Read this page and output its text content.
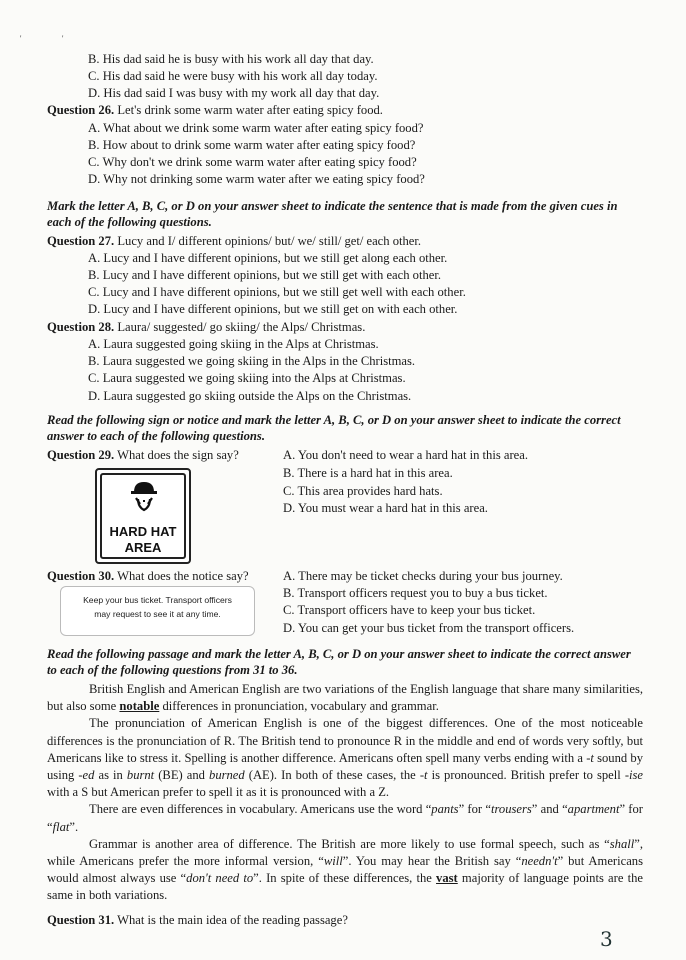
'	'
B. His dad said he is busy with his work all day that day.
C. His dad said he were busy with his work all day today.
D. His dad said I was busy with my work all day that day.
Question 26. Let's drink some warm water after eating spicy food.
A. What about we drink some warm water after eating spicy food?
B. How about to drink some warm water after eating spicy food?
C. Why don't we drink some warm water after eating spicy food?
D. Why not drinking some warm water after we eating spicy food?
Mark the letter A, B, C, or D on your answer sheet to indicate the sentence that is made from the given cues in each of the following questions.
Question 27. Lucy and I/ different opinions/ but/ we/ still/ get/ each other.
A. Lucy and I have different opinions, but we still get along each other.
B. Lucy and I have different opinions, but we still get with each other.
C. Lucy and I have different opinions, but we still get well with each other.
D. Lucy and I have different opinions, but we still get on with each other.
Question 28. Laura/ suggested/ go skiing/ the Alps/ Christmas.
A. Laura suggested going skiing in the Alps at Christmas.
B. Laura suggested we going skiing in the Alps in the Christmas.
C. Laura suggested we going skiing into the Alps at Christmas.
D. Laura suggested go skiing outside the Alps on the Christmas.
Read the following sign or notice and mark the letter A, B, C, or D on your answer sheet to indicate the correct answer to each of the following questions.
Question 29. What does the sign say?	A. You don't need to wear a hard hat in this area.
B. There is a hard hat in this area.
C. This area provides hard hats.
D. You must wear a hard hat in this area.
HARD HAT
AREA
Question 30. What does the notice say?	A. There may be ticket checks during your bus journey.
B. Transport officers request you to buy a bus ticket.
C. Transport officers have to keep your bus ticket.
D. You can get your bus ticket from the transport officers.
Keep your bus ticket. Transport officers
may request to see it at any time.
Read the following passage and mark the letter A, B, C, or D on your answer sheet to indicate the correct answer to each of the following questions from 31 to 36.

British English and American English are two variations of the English language that share many similarities, but also some notable differences in pronunciation, vocabulary and grammar.

The pronunciation of American English is one of the biggest differences. One of the most noticeable differences is the pronunciation of R. The British tend to pronounce R in the middle and end of words very softly, but Americans like to stress it. Spelling is another difference. Americans often spell many verbs ending with a -t sound by using -ed as in burnt (BE) and burned (AE). In both of these cases, the -t is pronounced. British prefer to spell -ise with a S but American prefer to spell it as it is pronounced with a Z.

There are even differences in vocabulary. Americans use the word “pants” for “trousers” and “apartment” for “flat”.

Grammar is another area of difference. The British are more likely to use formal speech, such as “shall”, while Americans prefer the more informal version, “will”. You may hear the British say “needn't” but Americans would almost always use “don't need to”. In spite of these differences, the vast majority of language points are the same in both variations.

Question 31. What is the main idea of the reading passage?
3
